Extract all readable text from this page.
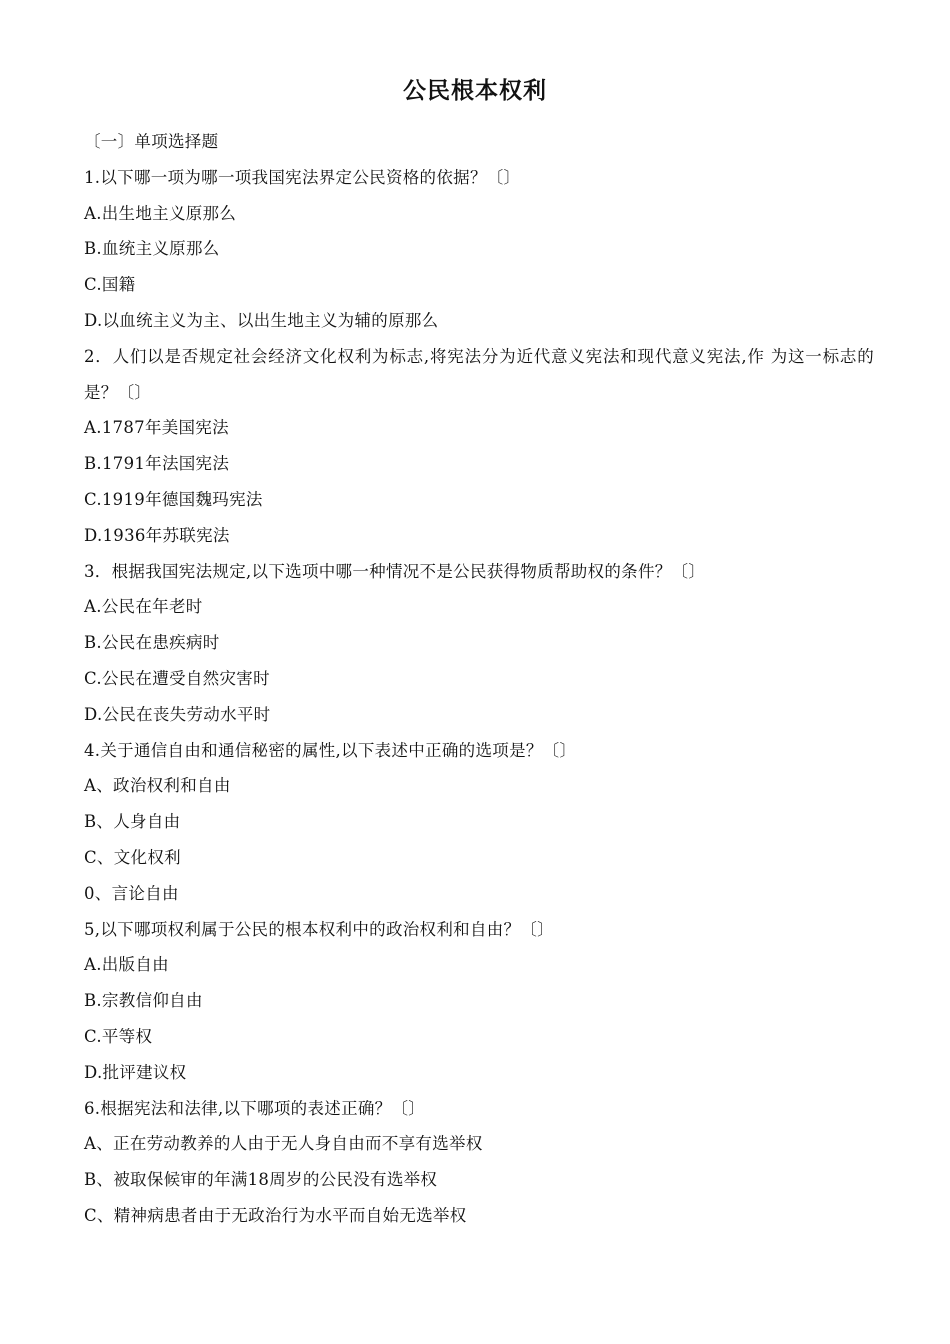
公民根本权利
〔一〕单项选择题
1.以下哪一项为哪一项我国宪法界定公民资格的依据？〔〕
A.出生地主义原那么
B.血统主义原那么
C.国籍
D.以血统主义为主、以出生地主义为辅的原那么
2．人们以是否规定社会经济文化权利为标志,将宪法分为近代意义宪法和现代意义宪法,作 为这一标志的是？〔〕
A.1787年美国宪法
B.1791年法国宪法
C.1919年德国魏玛宪法
D.1936年苏联宪法
3．根据我国宪法规定,以下选项中哪一种情况不是公民获得物质帮助权的条件？〔〕
A.公民在年老时
B.公民在患疾病时
C.公民在遭受自然灾害时
D.公民在丧失劳动水平时
4.关于通信自由和通信秘密的属性,以下表述中正确的选项是？〔〕
A、政治权利和自由
B、人身自由
C、文化权利
0、言论自由
5,以下哪项权利属于公民的根本权利中的政治权利和自由？〔〕
A.出版自由
B.宗教信仰自由
C.平等权
D.批评建议权
6.根据宪法和法律,以下哪项的表述正确？〔〕
A、正在劳动教养的人由于无人身自由而不享有选举权
B、被取保候审的年满18周岁的公民没有选举权
C、精神病患者由于无政治行为水平而自始无选举权
